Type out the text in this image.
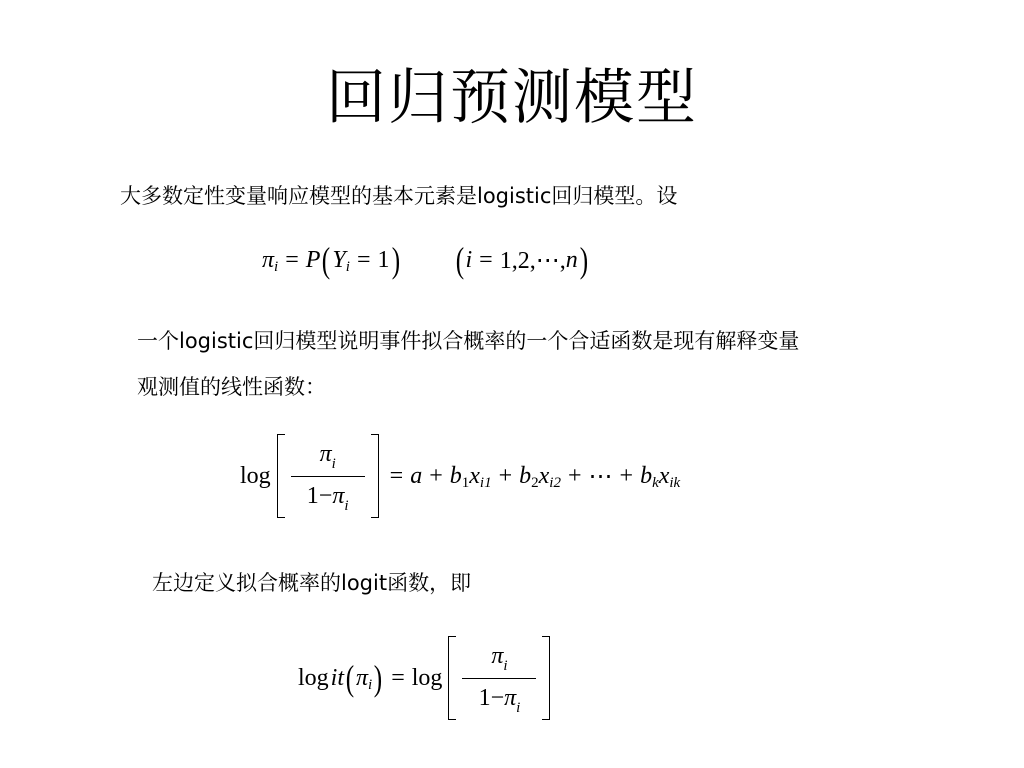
回归预测模型

大多数定性变量响应模型的基本元素是logistic回归模型。设

π i = P ( Y i = 1 ) ( i = 1,2,⋯, n )

一个logistic回归模型说明事件拟合概率的一个合适函数是现有解释变量
观测值的线性函数：

$\log \frac{\pi_i}{1-\pi_i} = a + b$ 1 x i1 + b 2 x i2 + ⋯ + b k x ik

左边定义拟合概率的logit函数，即

log it ( π i ) = $\log \frac{\pi_i}{1-\pi_i}$
